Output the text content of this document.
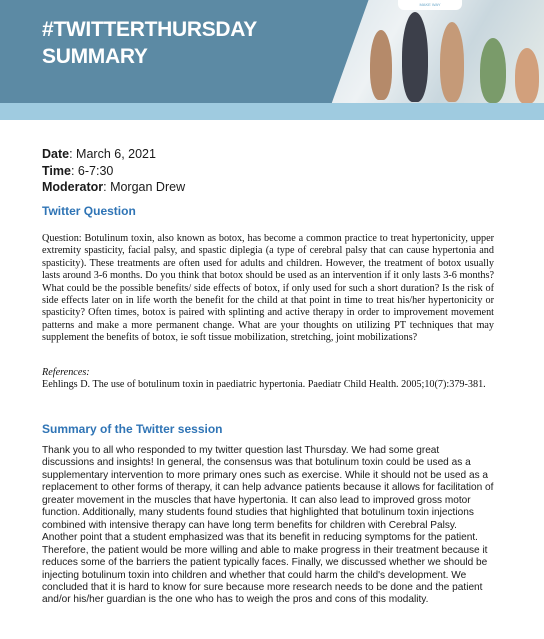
MAKE WAY
#TWITTERTHURSDAY
SUMMARY
Date: March 6, 2021
Time: 6-7:30
Moderator: Morgan Drew
Twitter Question

Question: Botulinum toxin, also known as botox, has become a common practice to treat hypertonicity, upper extremity spasticity, facial palsy, and spastic diplegia (a type of cerebral palsy that can cause hypertonia and spasticity). These treatments are often used for adults and children. However, the treatment of botox usually lasts around 3-6 months. Do you think that botox should be used as an intervention if it only lasts 3-6 months? What could be the possible benefits/ side effects of botox, if only used for such a short duration? Is the risk of side effects later on in life worth the benefit for the child at that point in time to treat his/her hypertonicity or spasticity? Often times, botox is paired with splinting and active therapy in order to improvement movement patterns and make a more permanent change. What are your thoughts on utilizing PT techniques that may supplement the benefits of botox, ie soft tissue mobilization, stretching, joint mobilizations?

References:

Eehlings D. The use of botulinum toxin in paediatric hypertonia. Paediatr Child Health. 2005;10(7):379-381.

Summary of the Twitter session

Thank you to all who responded to my twitter question last Thursday. We had some great discussions and insights! In general, the consensus was that botulinum toxin could be used as a supplementary intervention to more primary ones such as exercise. While it should not be used as a replacement to other forms of therapy, it can help advance patients because it allows for facilitation of greater movement in the muscles that have hypertonia. It can also lead to improved gross motor function. Additionally, many students found studies that highlighted that botulinum toxin injections combined with intensive therapy can have long term benefits for children with Cerebral Palsy. Another point that a student emphasized was that its benefit in reducing symptoms for the patient. Therefore, the patient would be more willing and able to make progress in their treatment because it reduces some of the barriers the patient typically faces. Finally, we discussed whether we should be injecting botulinum toxin into children and whether that could harm the child's development. We concluded that it is hard to know for sure because more research needs to be done and the patient and/or his/her guardian is the one who has to weigh the pros and cons of this modality.
